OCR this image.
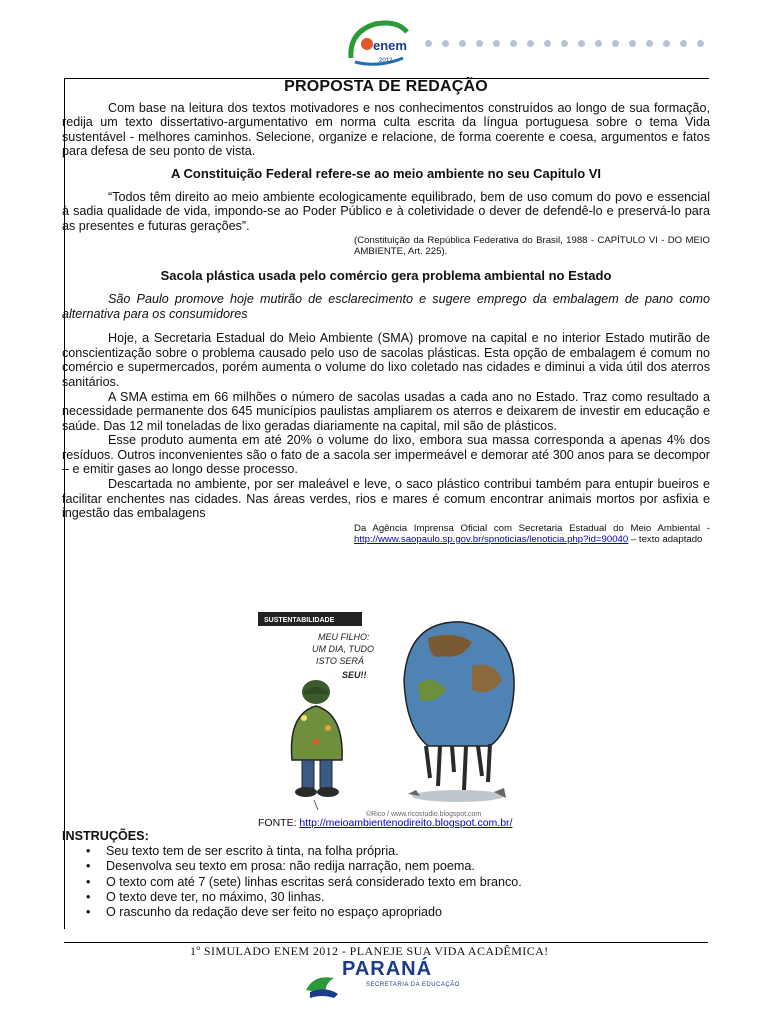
enem
2012
PROPOSTA DE REDAÇÃO

Com base na leitura dos textos motivadores e nos conhecimentos construídos ao longo de sua formação, redija um texto dissertativo-argumentativo em norma culta escrita da língua portuguesa sobre o tema Vida sustentável - melhores caminhos. Selecione, organize e relacione, de forma coerente e coesa, argumentos e fatos para defesa de seu ponto de vista.

A Constituição Federal refere-se ao meio ambiente no seu Capitulo VI

“Todos têm direito ao meio ambiente ecologicamente equilibrado, bem de uso comum do povo e essencial à sadia qualidade de vida, impondo-se ao Poder Público e à coletividade o dever de defendê-lo e preservá-lo para as presentes e futuras gerações”.

(Constituição da República Federativa do Brasil, 1988 - CAPÍTULO VI - DO MEIO AMBIENTE, Art. 225).

Sacola plástica usada pelo comércio gera problema ambiental no Estado

São Paulo promove hoje mutirão de esclarecimento e sugere emprego da embalagem de pano como alternativa para os consumidores

Hoje, a Secretaria Estadual do Meio Ambiente (SMA) promove na capital e no interior Estado mutirão de conscientização sobre o problema causado pelo uso de sacolas plásticas. Esta opção de embalagem é comum no comércio e supermercados, porém aumenta o volume do lixo coletado nas cidades e diminui a vida útil dos aterros sanitários.

A SMA estima em 66 milhões o número de sacolas usadas a cada ano no Estado. Traz como resultado a necessidade permanente dos 645 municípios paulistas ampliarem os aterros e deixarem de investir em educação e saúde. Das 12 mil toneladas de lixo geradas diariamente na capital, mil são de plásticos.

Esse produto aumenta em até 20% o volume do lixo, embora sua massa corresponda a apenas 4% dos resíduos. Outros inconvenientes são o fato de a sacola ser impermeável e demorar até 300 anos para se decompor – e emitir gases ao longo desse processo.

Descartada no ambiente, por ser maleável e leve, o saco plástico contribui também para entupir bueiros e facilitar enchentes nas cidades. Nas áreas verdes, rios e mares é comum encontrar animais mortos por asfixia e ingestão das embalagens

Da Agência Imprensa Oficial com Secretaria Estadual do Meio Ambiental - http://www.saopaulo.sp.gov.br/spnoticias/lenoticia.php?id=90040 – texto adaptado

SUSTENTABILIDADE
MEU FILHO:
UM DIA, TUDO
ISTO SERÁ
SEU!!
©Rico / www.ricostudio.blogspot.com
FONTE: http://meioambientenodireito.blogspot.com.br/
INSTRUÇÕES:
• Seu texto tem de ser escrito à tinta, na folha própria.
• Desenvolva seu texto em prosa: não redija narração, nem poema.
• O texto com até 7 (sete) linhas escritas será considerado texto em branco.
• O texto deve ter, no máximo, 30 linhas.
• O rascunho da redação deve ser feito no espaço apropriado
1º SIMULADO ENEM 2012 - PLANEJE SUA VIDA ACADÊMICA!
PARANÁ
SECRETARIA DA EDUCAÇÃO
